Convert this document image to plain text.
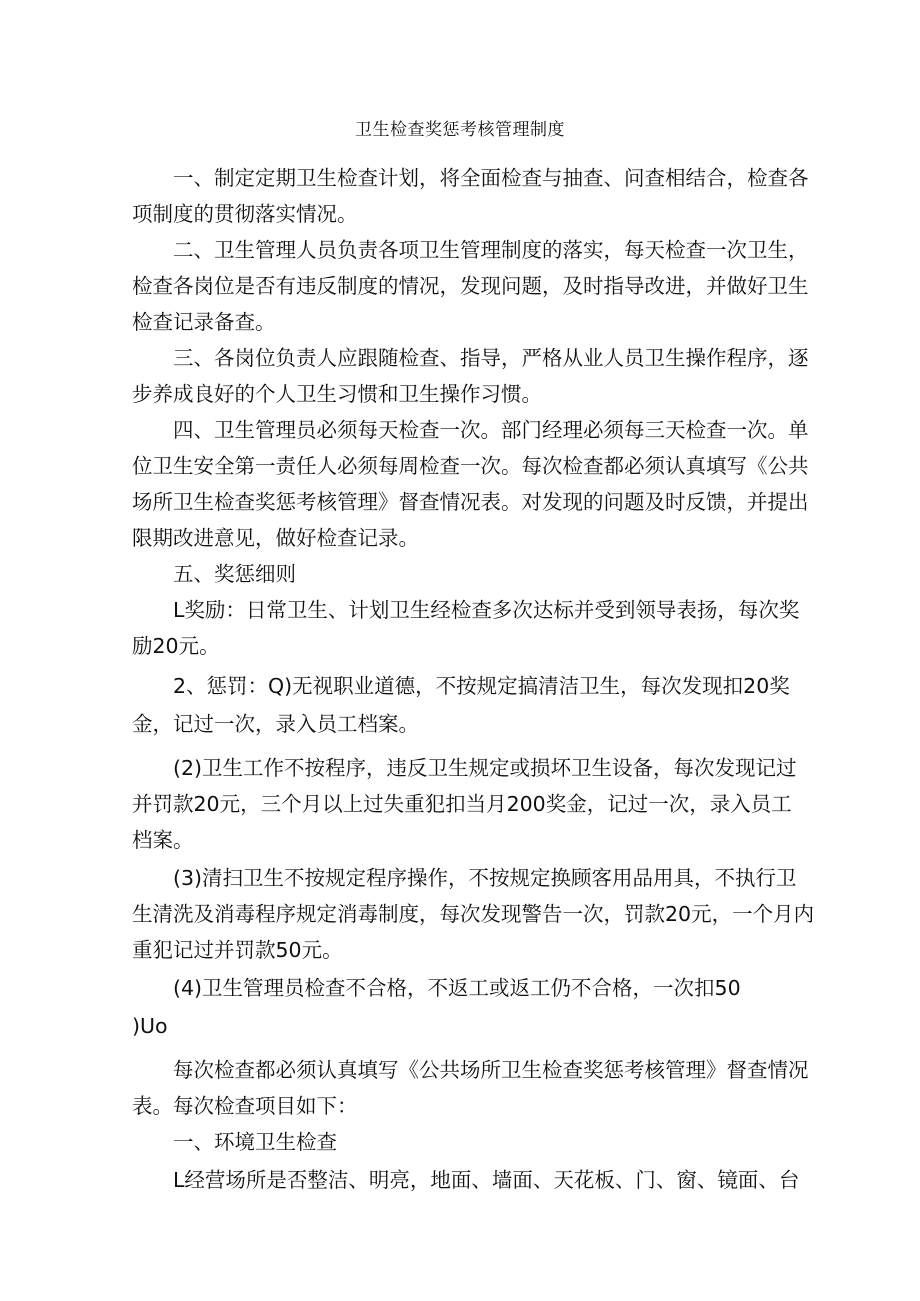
卫生检查奖惩考核管理制度
一、制定定期卫生检查计划，将全面检查与抽查、问查相结合，检查各
项制度的贯彻落实情况。
二、卫生管理人员负责各项卫生管理制度的落实，每天检查一次卫生，
检查各岗位是否有违反制度的情况，发现问题，及时指导改进，并做好卫生
检查记录备查。
三、各岗位负责人应跟随检查、指导，严格从业人员卫生操作程序，逐
步养成良好的个人卫生习惯和卫生操作习惯。
四、卫生管理员必须每天检查一次。部门经理必须每三天检查一次。单
位卫生安全第一责任人必须每周检查一次。每次检查都必须认真填写《公共
场所卫生检查奖惩考核管理》督查情况表。对发现的问题及时反馈，并提出
限期改进意见，做好检查记录。
五、奖惩细则
L奖励：日常卫生、计划卫生经检查多次达标并受到领导表扬，每次奖
励20元。
2、惩罚：Q)无视职业道德，不按规定搞清洁卫生，每次发现扣20奖
金，记过一次，录入员工档案。
(2)卫生工作不按程序，违反卫生规定或损坏卫生设备，每次发现记过
并罚款20元，三个月以上过失重犯扣当月200奖金，记过一次，录入员工
档案。
(3)清扫卫生不按规定程序操作，不按规定换顾客用品用具，不执行卫
生清洗及消毒程序规定消毒制度，每次发现警告一次，罚款20元，一个月内
重犯记过并罚款50元。
(4)卫生管理员检查不合格，不返工或返工仍不合格，一次扣50
)Uo
每次检查都必须认真填写《公共场所卫生检查奖惩考核管理》督查情况
表。每次检查项目如下：
一、环境卫生检查
L经营场所是否整洁、明亮，地面、墙面、天花板、门、窗、镜面、台
